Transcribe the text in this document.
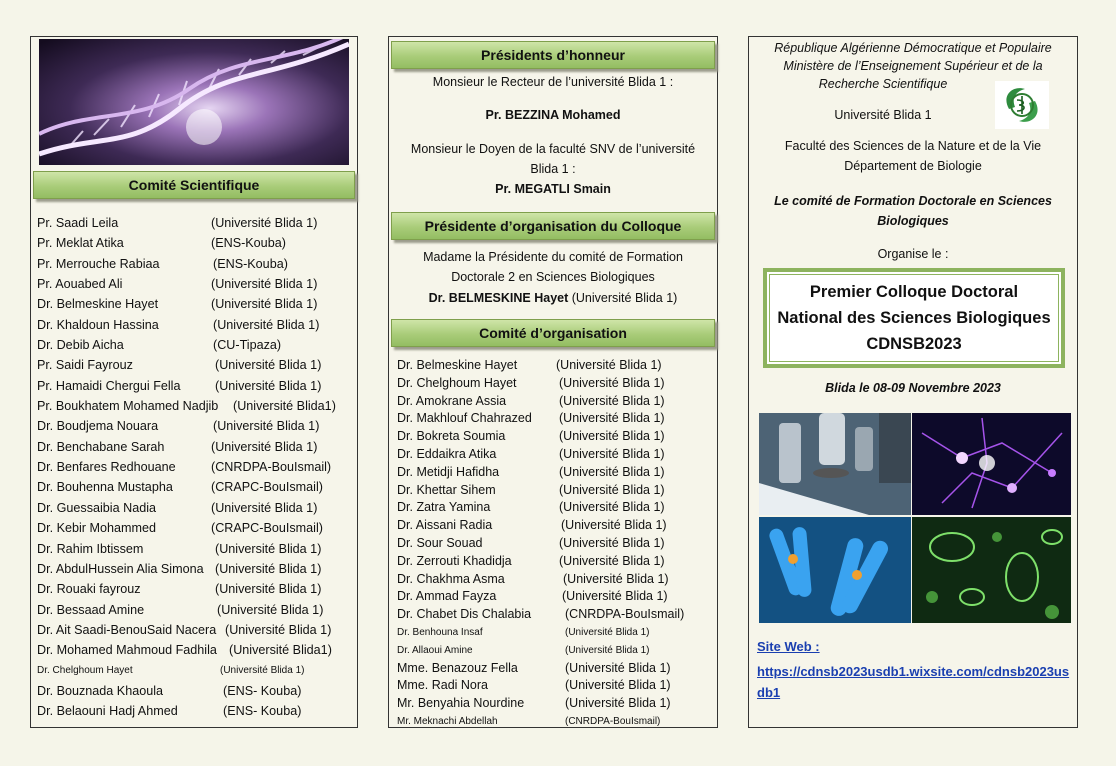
Comité Scientifique
Pr. Saadi Leila	(Université Blida 1)
Pr. Meklat Atika	(ENS-Kouba)
Pr. Merrouche Rabiaa	(ENS-Kouba)
Pr. Aouabed Ali	(Université Blida 1)
Dr. Belmeskine Hayet	(Université Blida 1)
Dr. Khaldoun Hassina	(Université Blida 1)
Dr. Debib Aicha	(CU-Tipaza)
Pr. Saidi Fayrouz	(Université Blida 1)
Pr. Hamaidi Chergui Fella	(Université Blida 1)
Pr. Boukhatem Mohamed Nadjib (Université Blida1)
Dr. Boudjema Nouara	(Université Blida 1)
Dr. Benchabane Sarah	(Université Blida 1)
Dr. Benfares Redhouane	(CNRDPA-BouIsmail)
Dr. Bouhenna Mustapha	(CRAPC-BouIsmail)
Dr. Guessaibia Nadia	(Université Blida 1)
Dr. Kebir Mohammed	(CRAPC-BouIsmail)
Dr. Rahim Ibtissem	(Université Blida 1)
Dr. AbdulHussein Alia Simona (Université Blida 1)
Dr. Rouaki fayrouz	(Université Blida 1)
Dr. Bessaad Amine	(Université Blida 1)
Dr. Ait Saadi-BenouSaid Nacera (Université Blida 1)
Dr. Mohamed Mahmoud Fadhila (Université Blida1)
Dr. Chelghoum Hayet	(Université Blida 1)
Dr. Bouznada Khaoula	(ENS- Kouba)
Dr. Belaouni Hadj Ahmed	(ENS- Kouba)
Présidents d’honneur
Monsieur le Recteur de l’université Blida 1 :
Pr. BEZZINA Mohamed
Monsieur le Doyen de la faculté SNV de l’université Blida 1 :
Pr. MEGATLI Smain
Présidente d’organisation du Colloque
Madame la Présidente du comité de Formation Doctorale 2 en Sciences Biologiques
Dr. BELMESKINE Hayet (Université Blida 1)
Comité d’organisation
Dr. Belmeskine Hayet	(Université Blida 1)
Dr. Chelghoum Hayet	(Université Blida 1)
Dr. Amokrane Assia	(Université Blida 1)
Dr. Makhlouf Chahrazed (Université Blida 1)
Dr. Bokreta Soumia	(Université Blida 1)
Dr. Eddaikra Atika	(Université Blida 1)
Dr. Metidji Hafidha	(Université Blida 1)
Dr. Khettar Sihem	(Université Blida 1)
Dr. Zatra Yamina	(Université Blida 1)
Dr. Aissani Radia	(Université Blida 1)
Dr. Sour Souad	(Université Blida 1)
Dr. Zerrouti Khadidja	(Université Blida 1)
Dr. Chakhma Asma	(Université Blida 1)
Dr. Ammad Fayza	(Université Blida 1)
Dr. Chabet Dis Chalabia	(CNRDPA-BouIsmail)
Dr. Benhouna Insaf	(Université Blida 1)
Dr. Allaoui Amine	(Université Blida 1)
Mme. Benazouz Fella	(Université Blida 1)
Mme. Radi Nora	(Université Blida 1)
Mr. Benyahia Nourdine	(Université Blida 1)
Mr. Meknachi Abdellah	(CNRDPA-BouIsmail)
République Algérienne Démocratique et Populaire
Ministère de l’Enseignement Supérieur et de la
Recherche Scientifique
Université Blida 1
Faculté des Sciences de la Nature et de la Vie
Département de Biologie
Le comité de Formation Doctorale en Sciences Biologiques
Organise le :
Premier Colloque Doctoral
National des Sciences Biologiques
CDNSB2023
Blida le 08-09 Novembre 2023
Site Web :
https://cdnsb2023usdb1.wixsite.com/cdnsb2023us
db1
